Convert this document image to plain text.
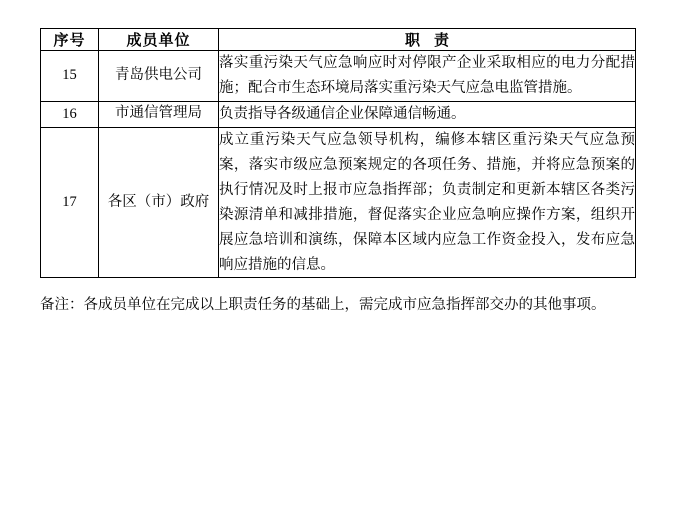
序号	成员单位	职责
15	青岛供电公司	落实重污染天气应急响应时对停限产企业采取相应的电力分配措施；配合市生态环境局落实重污染天气应急电监管措施。
16	市通信管理局	负责指导各级通信企业保障通信畅通。
17	各区（市）政府	成立重污染天气应急领导机构，编修本辖区重污染天气应急预案，落实市级应急预案规定的各项任务、措施，并将应急预案的执行情况及时上报市应急指挥部；负责制定和更新本辖区各类污染源清单和减排措施，督促落实企业应急响应操作方案，组织开展应急培训和演练，保障本区域内应急工作资金投入，发布应急响应措施的信息。
备注：各成员单位在完成以上职责任务的基础上，需完成市应急指挥部交办的其他事项。
